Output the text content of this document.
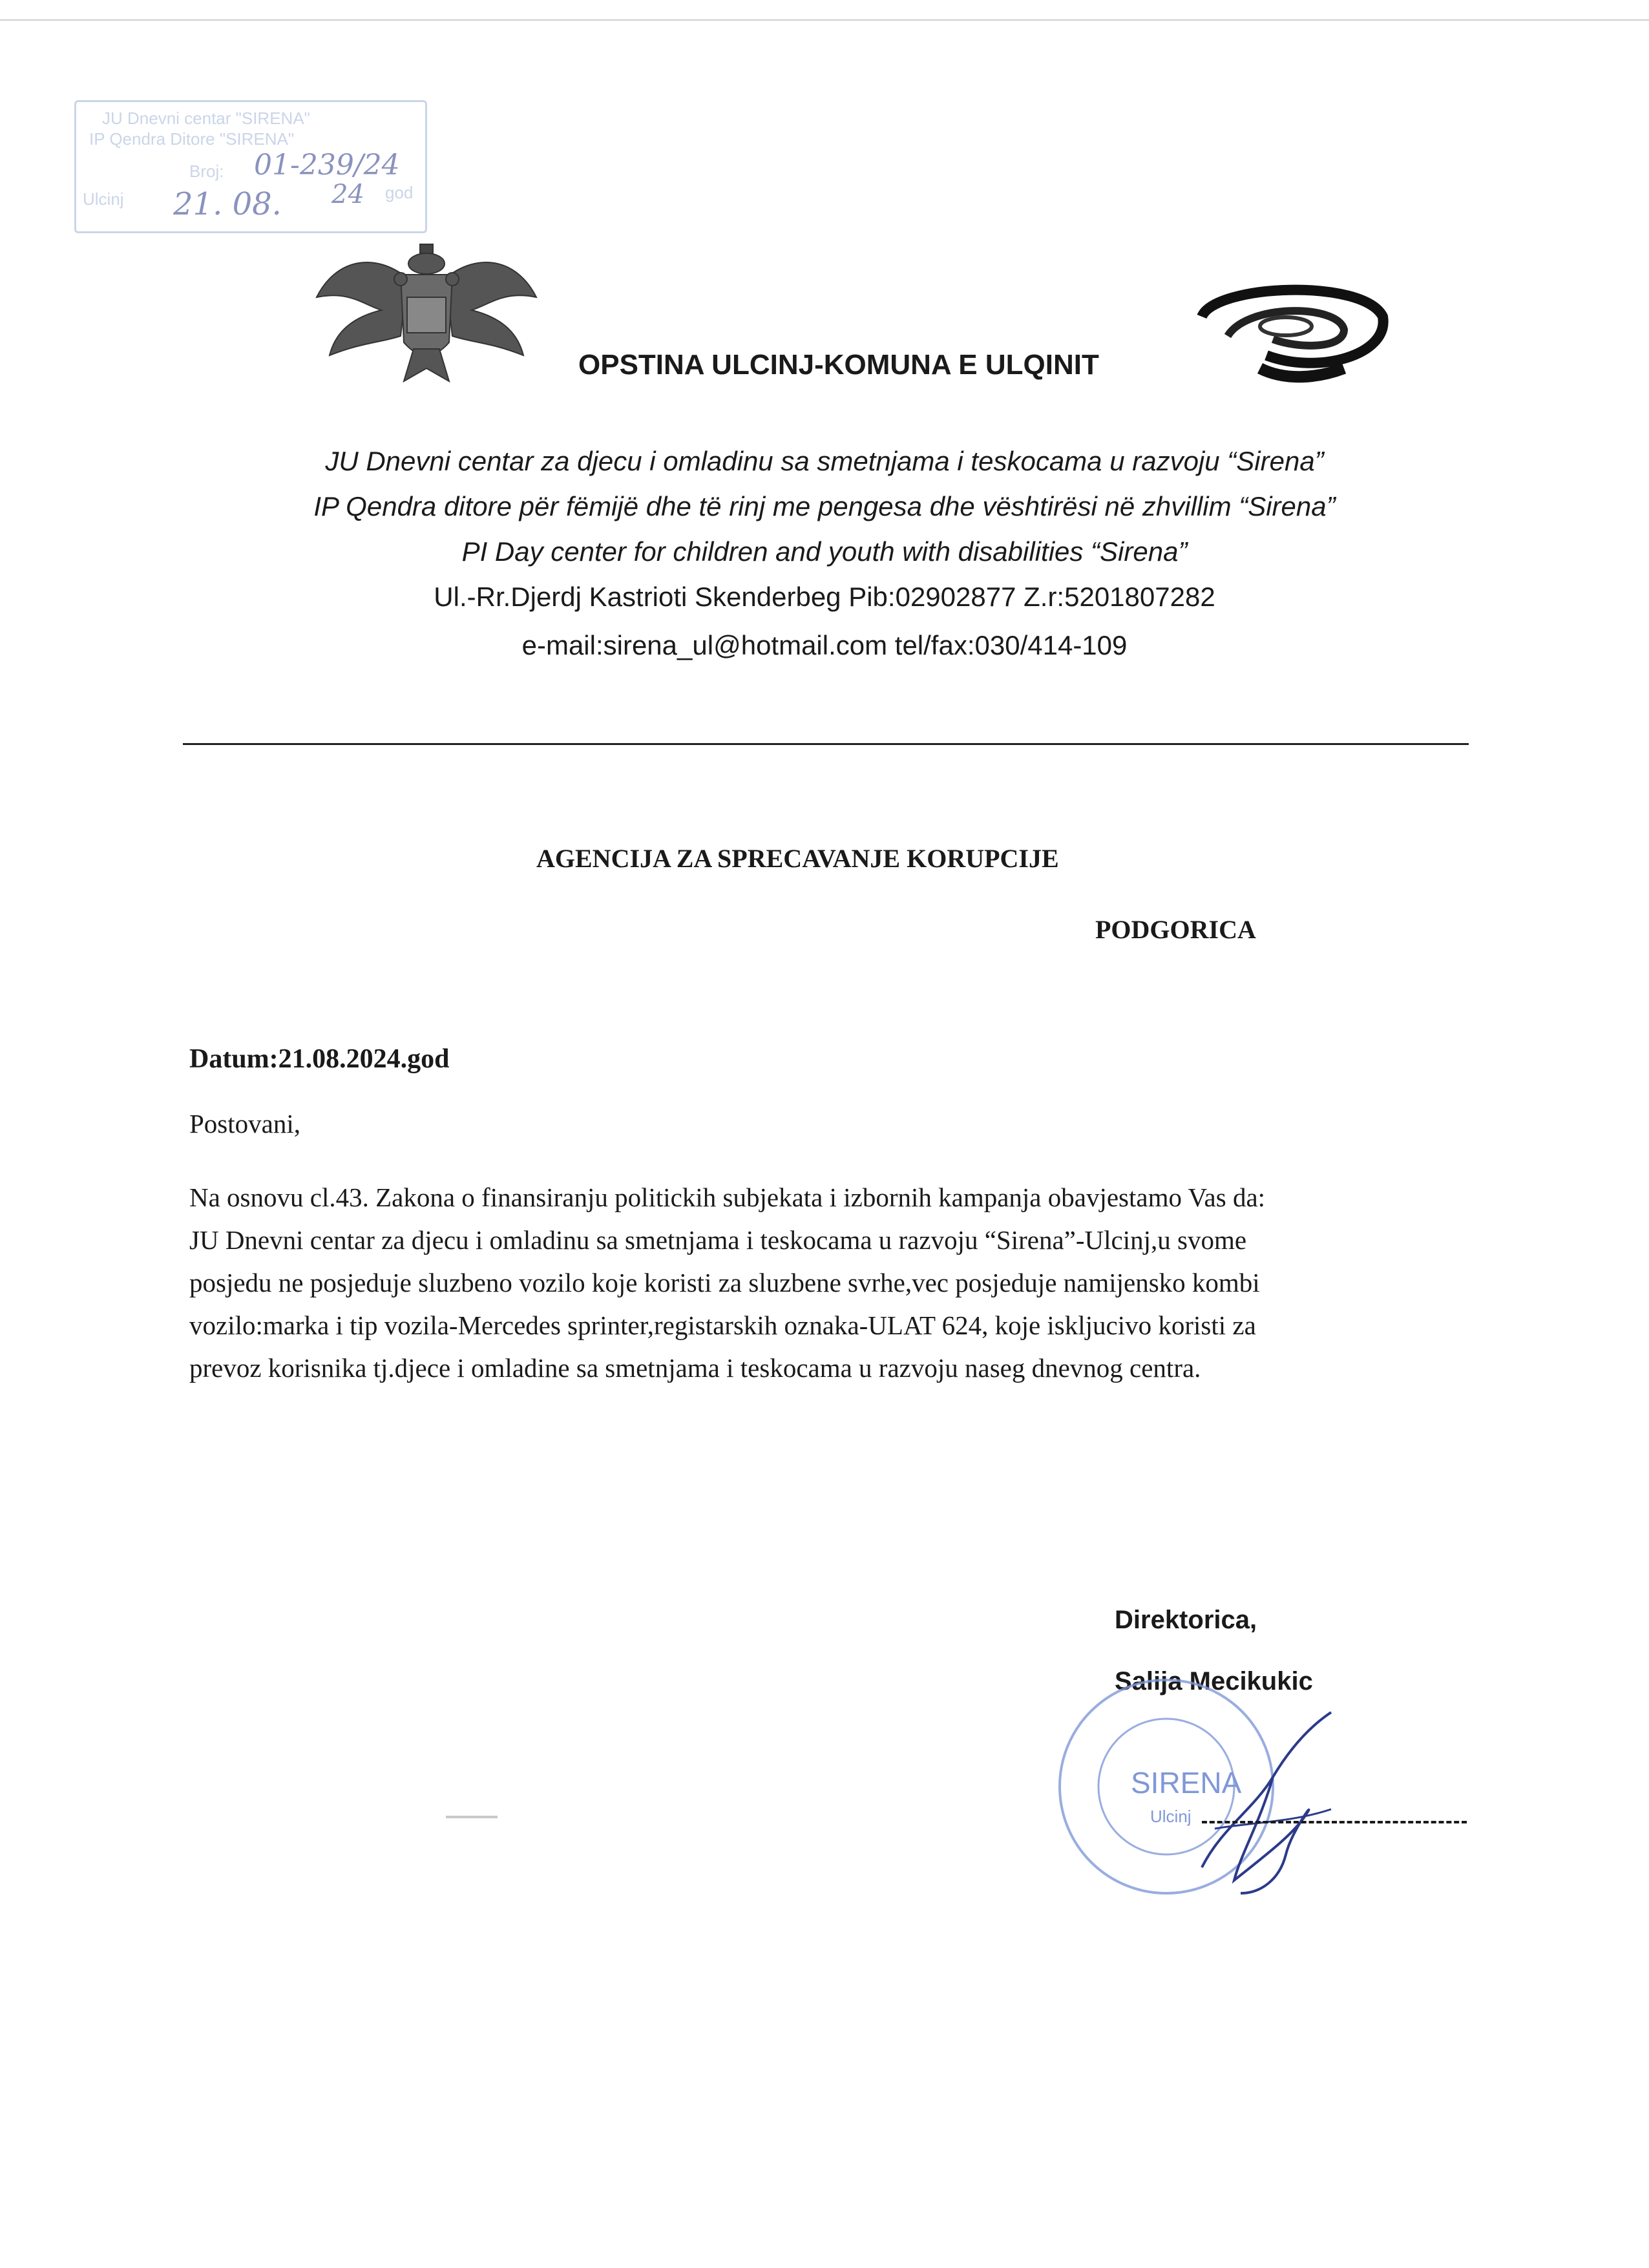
JU Dnevni centar "SIRENA"
IP Qendra Ditore "SIRENA"
Broj:
Ulcinj	god
01-239/24
21. 08. 24
OPSTINA ULCINJ-KOMUNA E ULQINIT
JU Dnevni centar za djecu i omladinu sa smetnjama i teskocama u razvoju “Sirena”
IP Qendra ditore për fëmijë dhe të rinj me pengesa dhe vështirësi në zhvillim “Sirena”
PI Day center for children and youth with disabilities “Sirena”
Ul.-Rr.Djerdj Kastrioti Skenderbeg Pib:02902877 Z.r:5201807282
e-mail:sirena_ul@hotmail.com tel/fax:030/414-109
AGENCIJA ZA SPRECAVANJE KORUPCIJE
PODGORICA
Datum:21.08.2024.god
Postovani,

Na osnovu cl.43. Zakona o finansiranju politickih subjekata i izbornih kampanja obavjestamo Vas da:

JU Dnevni centar za djecu i omladinu sa smetnjama i teskocama u razvoju “Sirena”-Ulcinj,u svome

posjedu ne posjeduje sluzbeno vozilo koje koristi za sluzbene svrhe,vec posjeduje namijensko kombi

vozilo:marka i tip vozila-Mercedes sprinter,registarskih oznaka-ULAT 624, koje iskljucivo koristi za

prevoz korisnika tj.djece i omladine sa smetnjama i teskocama u razvoju naseg dnevnog centra.

Direktorica,
Salija Mecikukic
SIRENA
Ulcinj
